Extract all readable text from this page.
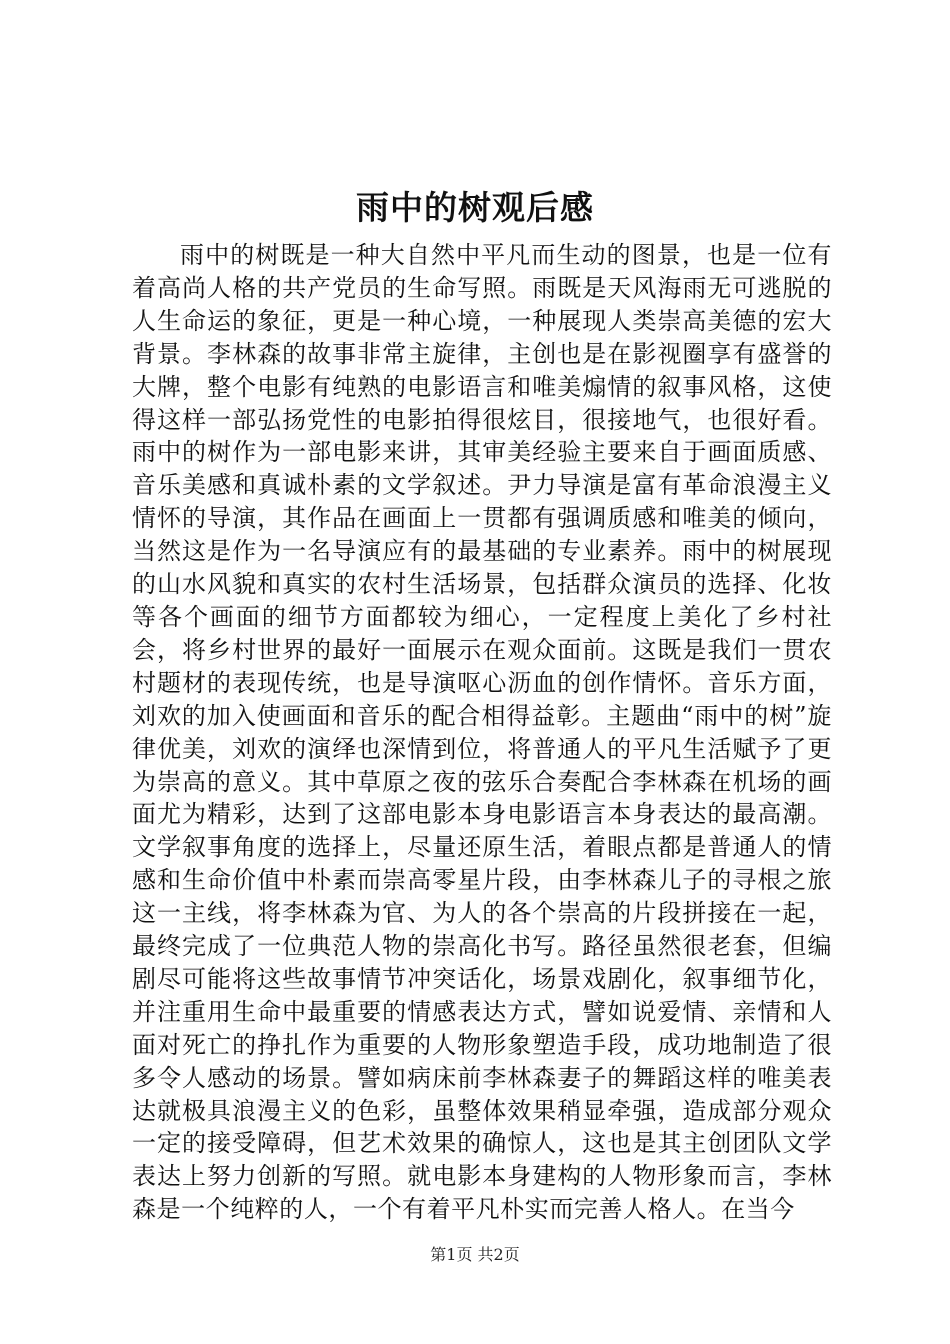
雨中的树观后感

雨中的树既是一种大自然中平凡而生动的图景，也是一位有着高尚人格的共产党员的生命写照。雨既是天风海雨无可逃脱的人生命运的象征，更是一种心境，一种展现人类崇高美德的宏大背景。李林森的故事非常主旋律，主创也是在影视圈享有盛誉的大牌，整个电影有纯熟的电影语言和唯美煽情的叙事风格，这使得这样一部弘扬党性的电影拍得很炫目，很接地气，也很好看。雨中的树作为一部电影来讲，其审美经验主要来自于画面质感、音乐美感和真诚朴素的文学叙述。尹力导演是富有革命浪漫主义情怀的导演，其作品在画面上一贯都有强调质感和唯美的倾向，当然这是作为一名导演应有的最基础的专业素养。雨中的树展现的山水风貌和真实的农村生活场景，包括群众演员的选择、化妆等各个画面的细节方面都较为细心，一定程度上美化了乡村社会，将乡村世界的最好一面展示在观众面前。这既是我们一贯农村题材的表现传统，也是导演呕心沥血的创作情怀。音乐方面，刘欢的加入使画面和音乐的配合相得益彰。主题曲“雨中的树”旋律优美，刘欢的演绎也深情到位，将普通人的平凡生活赋予了更为崇高的意义。其中草原之夜的弦乐合奏配合李林森在机场的画面尤为精彩，达到了这部电影本身电影语言本身表达的最高潮。文学叙事角度的选择上，尽量还原生活，着眼点都是普通人的情感和生命价值中朴素而崇高零星片段，由李林森儿子的寻根之旅这一主线，将李林森为官、为人的各个崇高的片段拼接在一起，最终完成了一位典范人物的崇高化书写。路径虽然很老套，但编剧尽可能将这些故事情节冲突话化，场景戏剧化，叙事细节化，并注重用生命中最重要的情感表达方式，譬如说爱情、亲情和人面对死亡的挣扎作为重要的人物形象塑造手段，成功地制造了很多令人感动的场景。譬如病床前李林森妻子的舞蹈这样的唯美表达就极具浪漫主义的色彩，虽整体效果稍显牵强，造成部分观众一定的接受障碍，但艺术效果的确惊人，这也是其主创团队文学表达上努力创新的写照。就电影本身建构的人物形象而言，李林森是一个纯粹的人，一个有着平凡朴实而完善人格人。在当今

第1页 共2页
